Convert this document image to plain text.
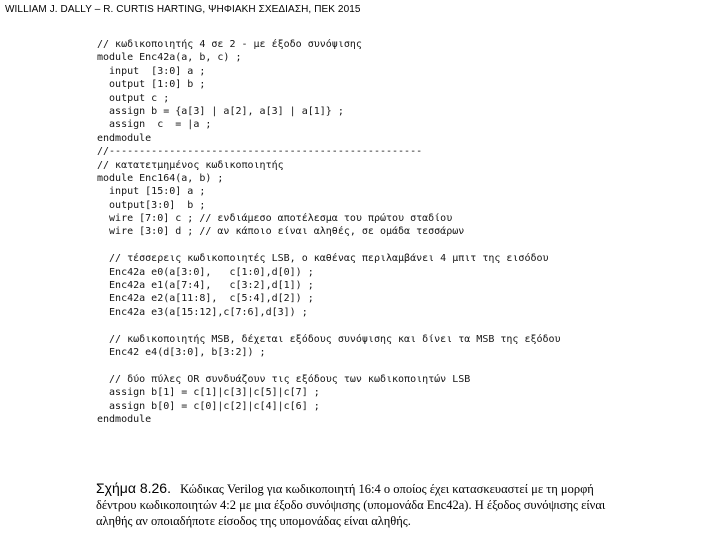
WILLIAM J. DALLY – R. CURTIS HARTING, ΨΗΦΙΑΚΗ ΣΧΕΔΙΑΣΗ, ΠΕΚ 2015
// κωδικοποιητής 4 σε 2 - με έξοδο συνόψισης
module Enc42a(a, b, c) ;
input  [3:0] a ;
output [1:0] b ;
output c ;
assign b = {a[3] | a[2], a[3] | a[1]} ;
assign  c  = |a ;
endmodule
//----------------------------------------------------
// κατατετμημένος κωδικοποιητής
module Enc164(a, b) ;
input [15:0] a ;
output[3:0]  b ;
wire [7:0] c ; // ενδιάμεσο αποτέλεσμα του πρώτου σταδίου
wire [3:0] d ; // αν κάποιο είναι αληθές, σε ομάδα τεσσάρων

// τέσσερεις κωδικοποιητές LSB, ο καθένας περιλαμβάνει 4 μπιτ της εισόδου
Enc42a e0(a[3:0],   c[1:0],d[0]) ;
Enc42a e1(a[7:4],   c[3:2],d[1]) ;
Enc42a e2(a[11:8],  c[5:4],d[2]) ;
Enc42a e3(a[15:12],c[7:6],d[3]) ;

// κωδικοποιητής MSB, δέχεται εξόδους συνόψισης και δίνει τα MSB της εξόδου
Enc42 e4(d[3:0], b[3:2]) ;

// δύο πύλες OR συνδυάζουν τις εξόδους των κωδικοποιητών LSB
assign b[1] = c[1]|c[3]|c[5]|c[7] ;
assign b[0] = c[0]|c[2]|c[4]|c[6] ;
endmodule
Σχήμα 8.26. Κώδικας Verilog για κωδικοποιητή 16:4 ο οποίος έχει κατασκευαστεί με τη μορφή δέντρου κωδικοποιητών 4:2 με μια έξοδο συνόψισης (υπομονάδα Enc42a). Η έξοδος συνόψισης είναι αληθής αν οποιαδήποτε είσοδος της υπομονάδας είναι αληθής.
